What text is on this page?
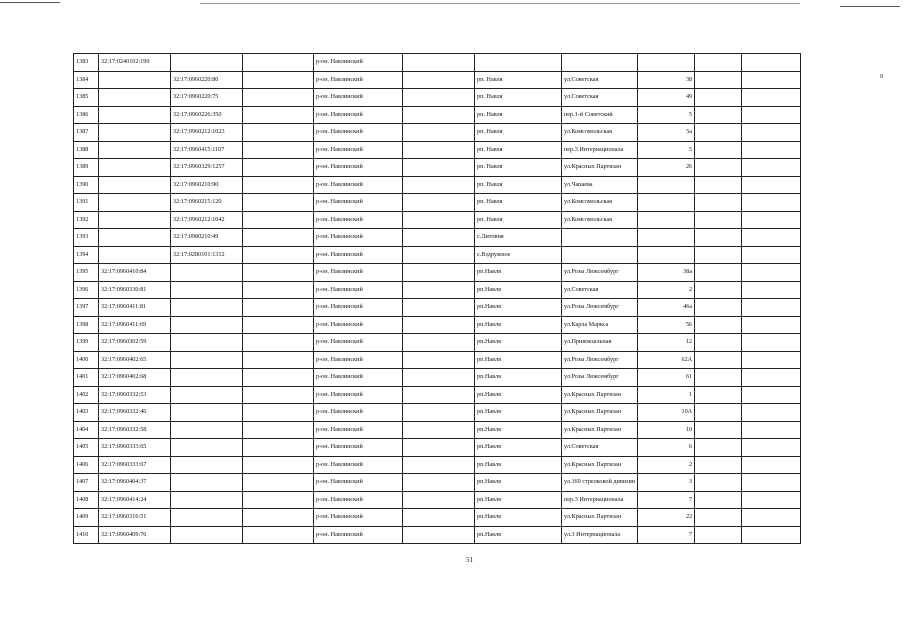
1383	32:17:0240102:199			р-он. Навлинский						
1384		32:17:0960220:80		р-он. Навлинский		рп. Навля	ул.Советская	38		
1385		32:17:0960220:75		р-он. Навлинский		рп. Навля	ул.Советская	49		
1386		32:17:0960226:350		р-он. Навлинский		рп. Навля	пер.1-й Советский	5		
1387		32:17:0960212:1023		р-он. Навлинский		рп. Навля	ул.Комсомольская	5а		
1388		32:17:0960415:1107		р-он. Навлинский		рп. Навля	пер.3 Интернационала	5		
1389		32:17:0960329:1257		р-он. Навлинский		рп. Навля	ул.Красных Партизан	26		
1390		32:17:0960210:90		р-он. Навлинский		рп. Навля	ул.Чапаева			
1391		32:17:0960215:120		р-он. Навлинский		рп. Навля	ул.Комсомольская			
1392		32:17:0960212:1042		р-он. Навлинский		рп. Навля	ул.Комсомольская			
1393		32:17:0980210:49		р-он. Навлинский		с.Литовня				
1394		32:17:0280101:1312		р-он. Навлинский		с.Вздружное				
1395	32:17:0960410:84			р-он. Навлинский		рп.Навля	ул.Розы Люксембург	38а		
1396	32:17:0960330:81			р-он. Навлинский		рп.Навля	ул.Советская	2		
1397	32:17:0960411:81			р-он. Навлинский		рп.Навля	ул.Розы Люксембург	46а		
1398	32:17:0960411:69			р-он. Навлинский		рп.Навля	ул.Карла Маркса	56		
1399	32:17:0960302:59			р-он. Навлинский		рп.Навля	ул.Привокзальная	12		
1400	32:17:0960402:65			р-он. Навлинский		рп.Навля	ул.Розы Люксембург	62А		
1401	32:17:0960402:68			р-он. Навлинский		рп.Навля	ул.Розы Люксембург	61		
1402	32:17:0960332:53			р-он. Навлинский		рп.Навля	ул.Красных Партизан	1		
1403	32:17:0960332:46			р-он. Навлинский		рп.Навля	ул.Красных Партизан	10А		
1404	32:17:0960332:58			р-он. Навлинский		рп.Навля	ул.Красных Партизан	10		
1405	32:17:0960333:65			р-он. Навлинский		рп.Навля	ул.Советская	6		
1406	32:17:0960333:67			р-он. Навлинский		рп.Навля	ул.Красных Партизан	2		
1407	32:17:0960404:37			р-он. Навлинский		рп.Навля	ул.169 стрелковой дивизии	3		
1408	32:17:0960414:24			р-он. Навлинский		рп.Навля	пер.3 Интернационала	7		
1409	32:17:0960316:51			р-он. Навлинский		рп.Навля	ул.Красных Партизан	22		
1410	32:17:0960409:76			р-он. Навлинский		рп.Навля	ул.3 Интернационала	7		
8
51
